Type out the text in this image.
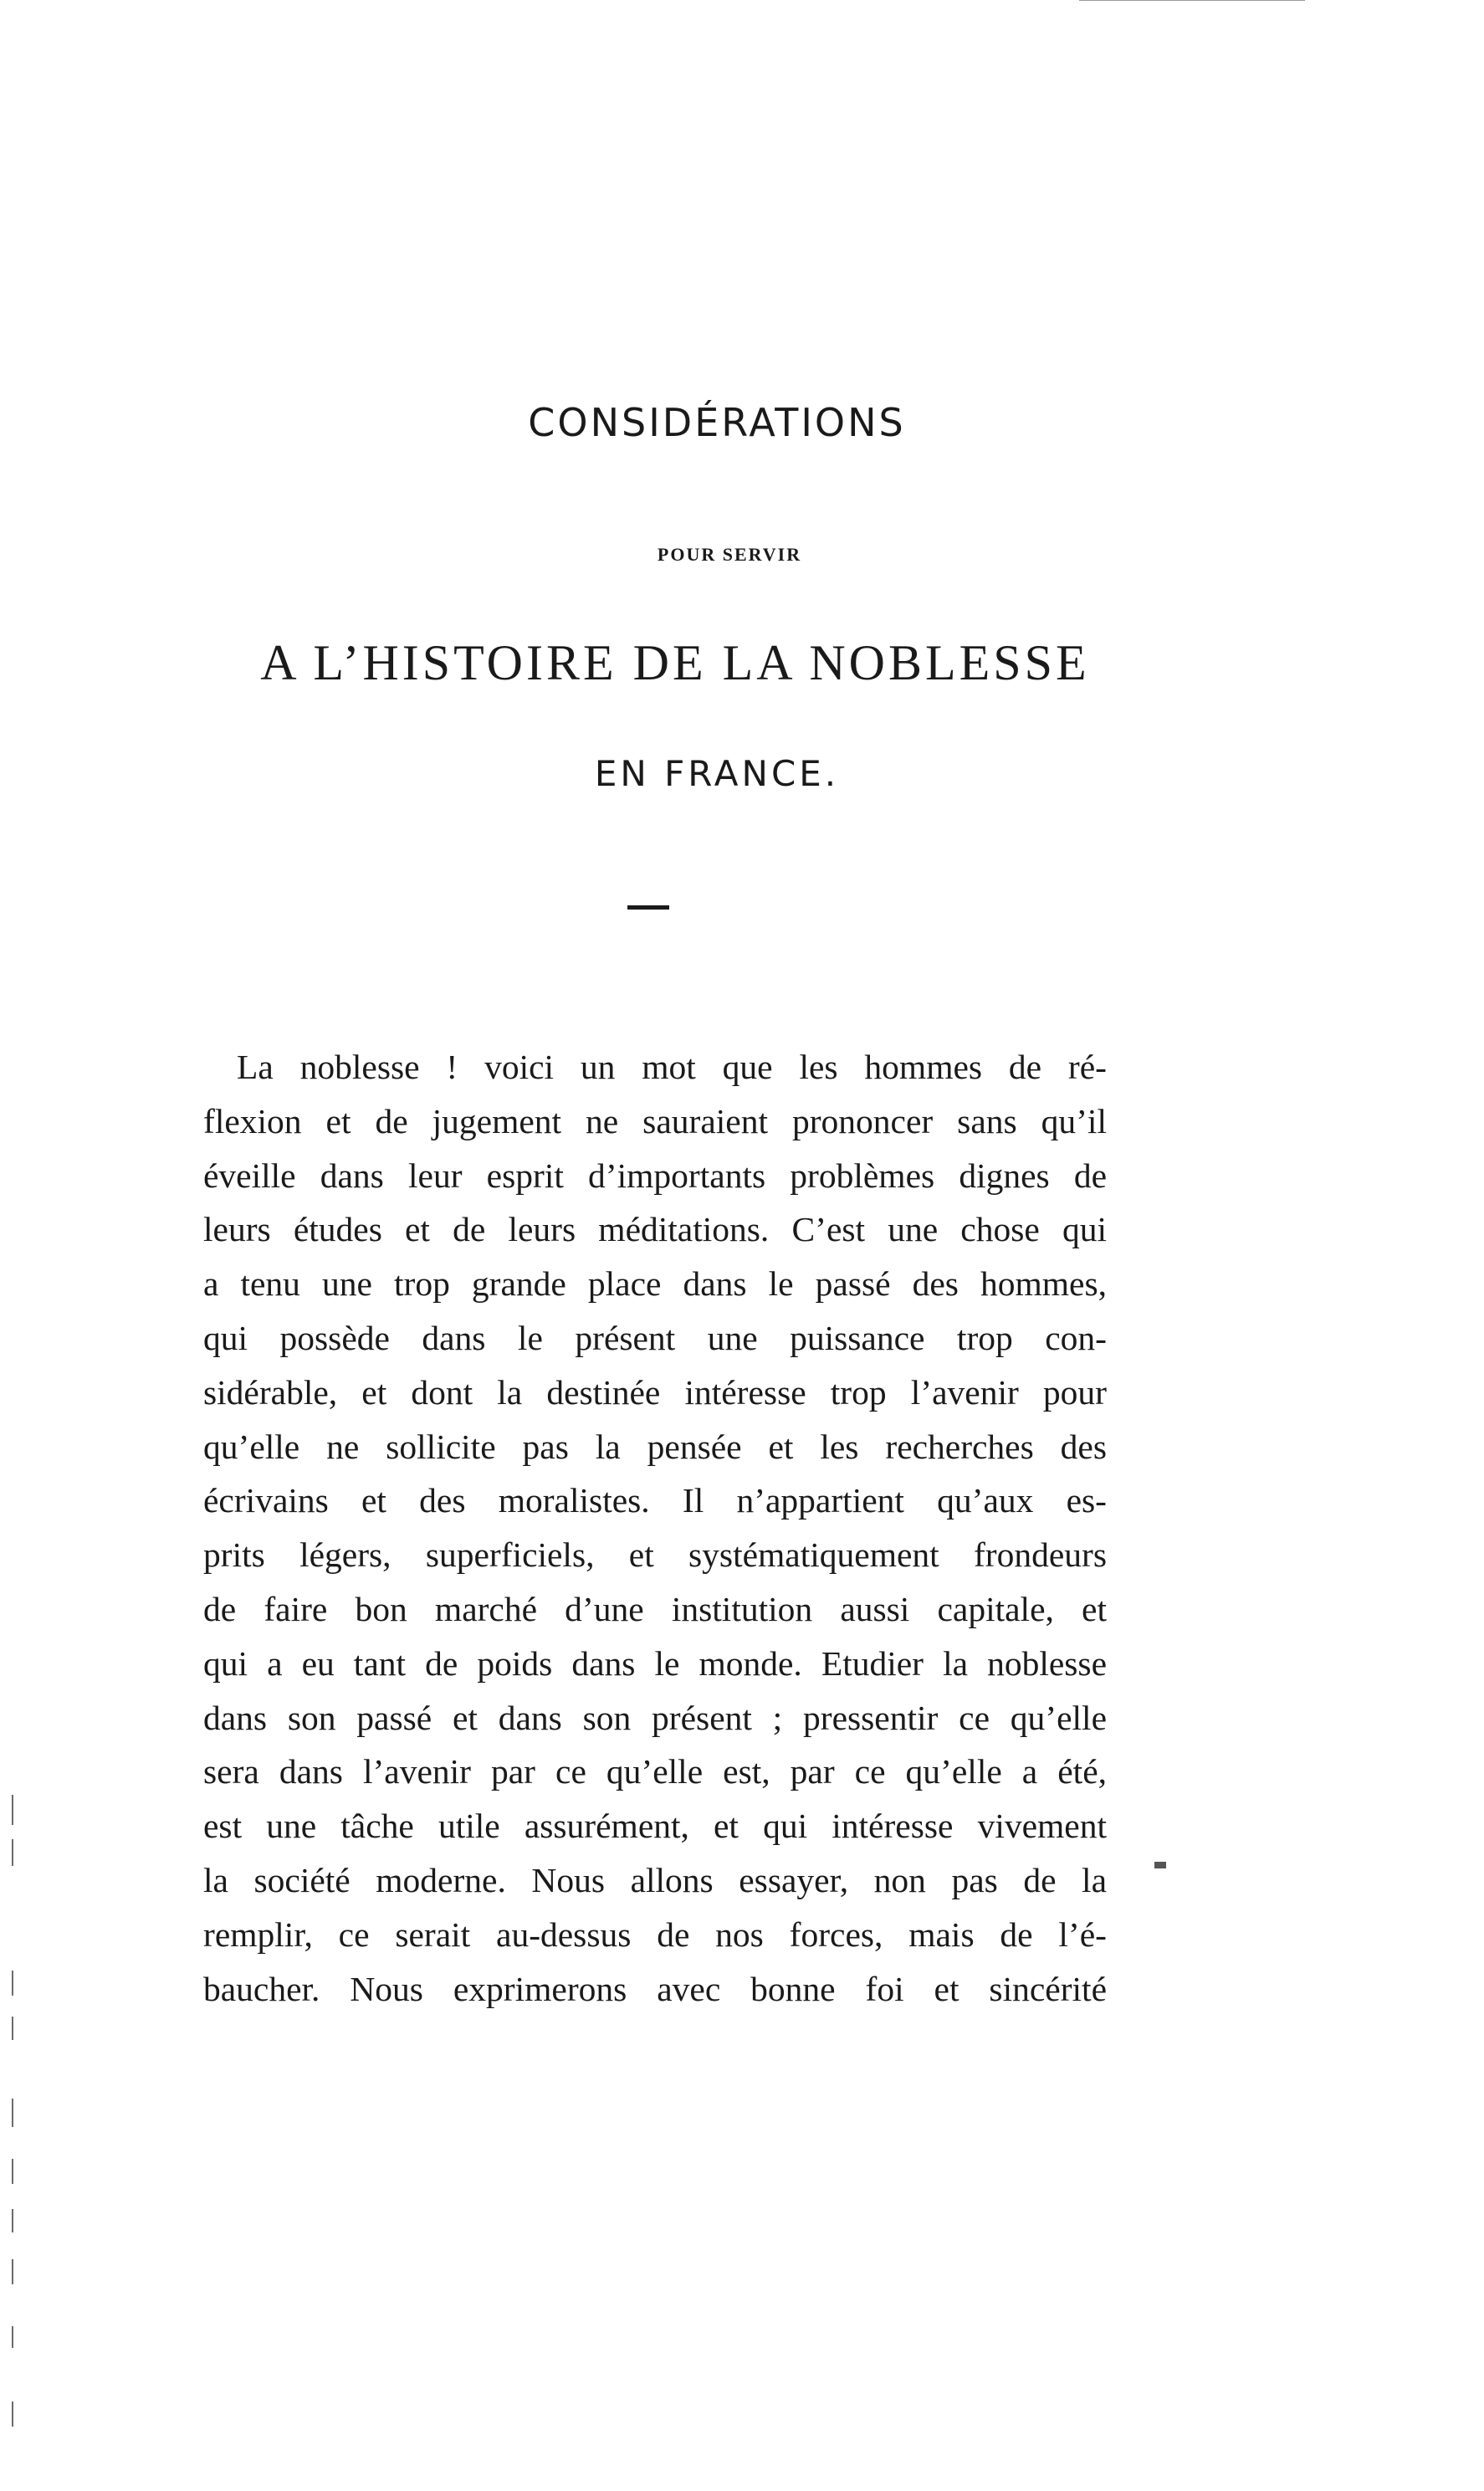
CONSIDÉRATIONS
POUR SERVIR
A L’HISTOIRE DE LA NOBLESSE
EN FRANCE.
La noblesse ! voici un mot que les hommes de ré-
flexion et de jugement ne sauraient prononcer sans qu’il
éveille dans leur esprit d’importants problèmes dignes de
leurs études et de leurs méditations. C’est une chose qui
a tenu une trop grande place dans le passé des hommes,
qui possède dans le présent une puissance trop con-
sidérable, et dont la destinée intéresse trop l’avenir pour
qu’elle ne sollicite pas la pensée et les recherches des
écrivains et des moralistes. Il n’appartient qu’aux es-
prits légers, superficiels, et systématiquement frondeurs
de faire bon marché d’une institution aussi capitale, et
qui a eu tant de poids dans le monde. Etudier la noblesse
dans son passé et dans son présent ; pressentir ce qu’elle
sera dans l’avenir par ce qu’elle est, par ce qu’elle a été,
est une tâche utile assurément, et qui intéresse vivement
la société moderne. Nous allons essayer, non pas de la
remplir, ce serait au-dessus de nos forces, mais de l’é-
baucher. Nous exprimerons avec bonne foi et sincérité
